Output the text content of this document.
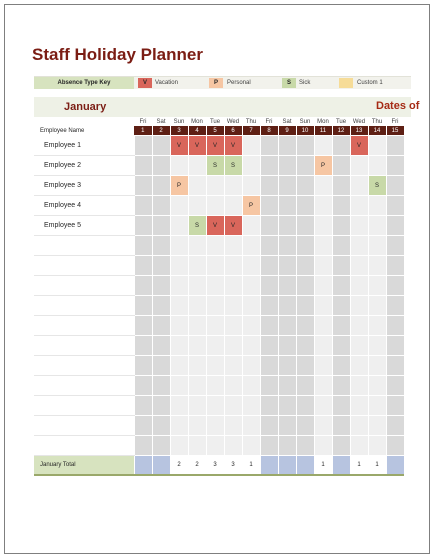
Staff Holiday Planner
Absence Type Key	V	Vacation	P	Personal	S	Sick	Custom 1
January	Dates of
	Fri	Sat	Sun	Mon	Tue	Wed	Thu	Fri	Sat	Sun	Mon	Tue	Wed	Thu	Fri
Employee Name	1	2	3	4	5	6	7	8	9	10	11	12	13	14	15
Employee 1			V	V	V	V							V		
Employee 2					S	S					P				
Employee 3			P											S	
Employee 4							P								
Employee 5				S	V	V									

January Total			2	2	3	3	1				1		1	1	
